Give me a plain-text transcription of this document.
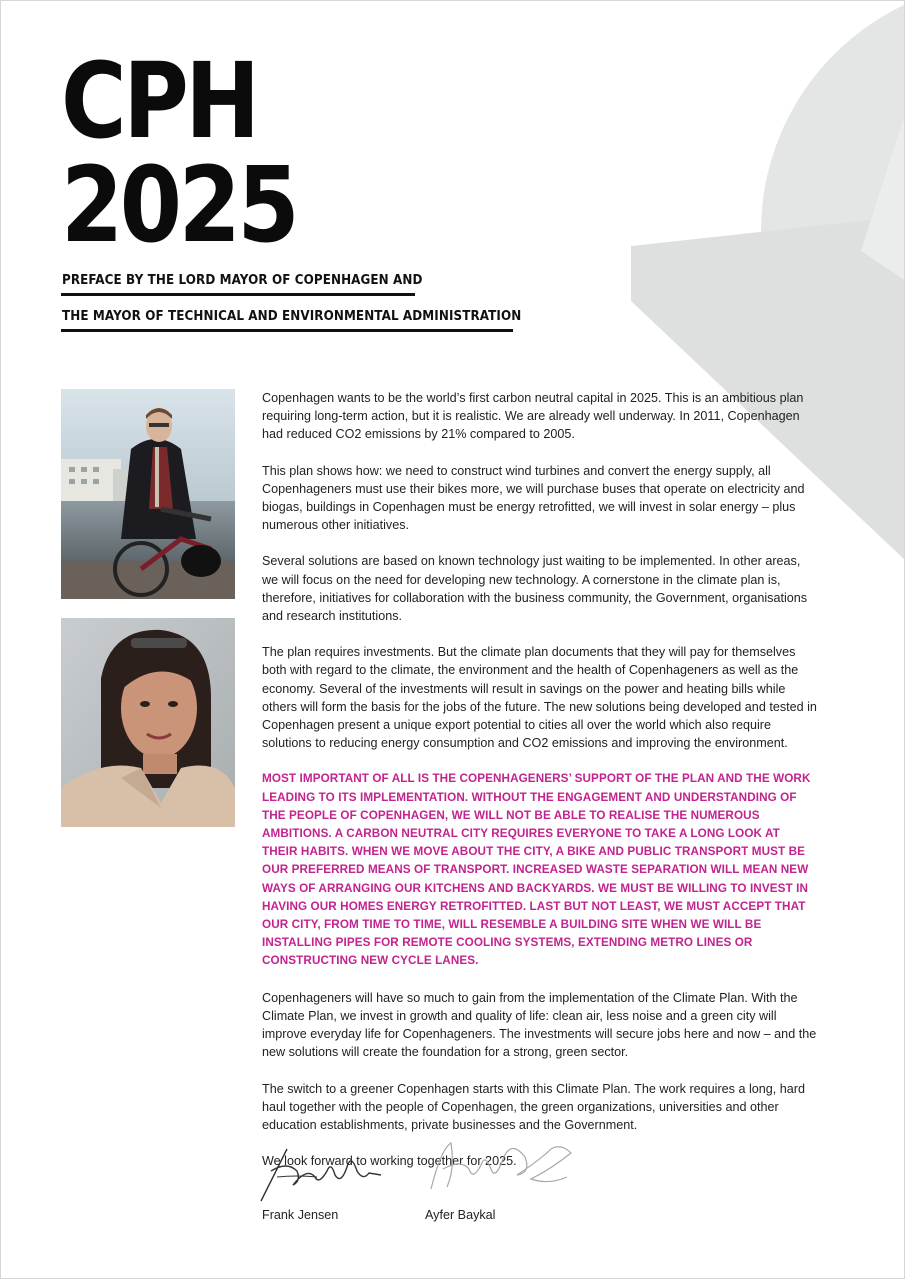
CPH
2025
PREFACE BY THE LORD MAYOR OF COPENHAGEN AND
THE MAYOR OF TECHNICAL AND ENVIRONMENTAL ADMINISTRATION

Copenhagen wants to be the world’s first carbon neutral capital in 2025. This is an ambitious plan requiring long-term action, but it is realistic. We are already well underway. In 2011, Copenhagen had reduced CO2 emissions by 21% compared to 2005.

This plan shows how: we need to construct wind turbines and convert the energy supply, all Copenhageners must use their bikes more, we will purchase buses that operate on electricity and biogas, buildings in Copenhagen must be energy retrofitted, we will invest in solar energy – plus numerous other initiatives.

Several solutions are based on known technology just waiting to be implemented. In other areas, we will focus on the need for developing new technology. A cornerstone in the climate plan is, therefore, initiatives for collaboration with the business community, the Government, organisations and research institutions.

The plan requires investments. But the climate plan documents that they will pay for themselves both with regard to the climate, the environment and the health of Copenhageners as well as the economy. Several of the investments will result in savings on the power and heating bills while others will form the basis for the jobs of the future. The new solutions being developed and tested in Copenhagen present a unique export potential to cities all over the world which also require solutions to reducing energy consumption and CO2 emissions and improving the environment.

MOST IMPORTANT OF ALL IS THE COPENHAGENERS’ SUPPORT OF THE PLAN AND THE WORK LEADING TO ITS IMPLEMENTATION. WITHOUT THE ENGAGEMENT AND UNDERSTANDING OF THE PEOPLE OF COPENHAGEN, WE WILL NOT BE ABLE TO REALISE THE NUMEROUS AMBITIONS. A CARBON NEUTRAL CITY REQUIRES EVERYONE TO TAKE A LONG LOOK AT THEIR HABITS. WHEN WE MOVE ABOUT THE CITY, A BIKE AND PUBLIC TRANSPORT MUST BE OUR PREFERRED MEANS OF TRANSPORT. INCREASED WASTE SEPARATION WILL MEAN NEW WAYS OF ARRANGING OUR KITCHENS AND BACKYARDS. WE MUST BE WILLING TO INVEST IN HAVING OUR HOMES ENERGY RETROFITTED. LAST BUT NOT LEAST, WE MUST ACCEPT THAT OUR CITY, FROM TIME TO TIME, WILL RESEMBLE A BUILDING SITE WHEN WE WILL BE INSTALLING PIPES FOR REMOTE COOLING SYSTEMS, EXTENDING METRO LINES OR CONSTRUCTING NEW CYCLE LANES.

Copenhageners will have so much to gain from the implementation of the Climate Plan. With the Climate Plan, we invest in growth and quality of life: clean air, less noise and a green city will improve everyday life for Copenhageners. The investments will secure jobs here and now – and the new solutions will create the foundation for a strong, green sector.

The switch to a greener Copenhagen starts with this Climate Plan. The work requires a long, hard haul together with the people of Copenhagen, the green organizations, universities and other education establishments, private businesses and the Government.

We look forward to working together for 2025.

Frank Jensen	Ayfer Baykal
